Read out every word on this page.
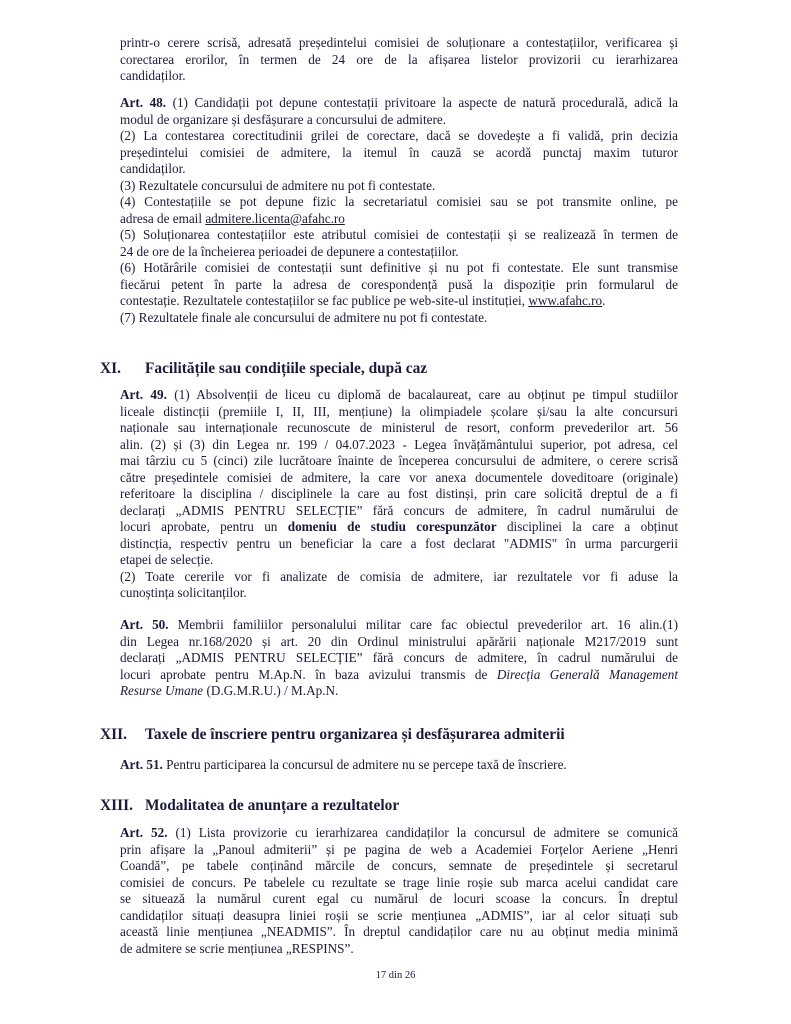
printr-o cerere scrisă, adresată președintelui comisiei de soluționare a contestațiilor, verificarea și
corectarea erorilor, în termen de 24 ore de la afișarea listelor provizorii cu ierarhizarea
candidaților.

Art. 48. (1) Candidații pot depune contestații privitoare la aspecte de natură procedurală, adică la
modul de organizare și desfășurare a concursului de admitere.
(2) La contestarea corectitudinii grilei de corectare, dacă se dovedește a fi validă, prin decizia
președintelui comisiei de admitere, la itemul în cauză se acordă punctaj maxim tuturor
candidaților.
(3) Rezultatele concursului de admitere nu pot fi contestate.
(4) Contestațiile se pot depune fizic la secretariatul comisiei sau se pot transmite online, pe
adresa de email admitere.licenta@afahc.ro
(5) Soluționarea contestațiilor este atributul comisiei de contestații și se realizează în termen de
24 de ore de la încheierea perioadei de depunere a contestațiilor.
(6) Hotărârile comisiei de contestații sunt definitive și nu pot fi contestate. Ele sunt transmise
fiecărui petent în parte la adresa de corespondență pusă la dispoziție prin formularul de
contestație. Rezultatele contestațiilor se fac publice pe web-site-ul instituției, www.afahc.ro.
(7) Rezultatele finale ale concursului de admitere nu pot fi contestate.
XI. Facilitățile sau condițiile speciale, după caz
Art. 49. (1) Absolvenții de liceu cu diplomă de bacalaureat, care au obținut pe timpul studiilor
liceale distincții (premiile I, II, III, mențiune) la olimpiadele școlare și/sau la alte concursuri
naționale sau internaționale recunoscute de ministerul de resort, conform prevederilor art. 56
alin. (2) și (3) din Legea nr. 199 / 04.07.2023 - Legea învățământului superior, pot adresa, cel
mai târziu cu 5 (cinci) zile lucrătoare înainte de începerea concursului de admitere, o cerere scrisă
către președintele comisiei de admitere, la care vor anexa documentele doveditoare (originale)
referitoare la disciplina / disciplinele la care au fost distinși, prin care solicită dreptul de a fi
declarați „ADMIS PENTRU SELECȚIE” fără concurs de admitere, în cadrul numărului de
locuri aprobate, pentru un domeniu de studiu corespunzător disciplinei la care a obținut
distincția, respectiv pentru un beneficiar la care a fost declarat "ADMIS" în urma parcurgerii
etapei de selecție.
(2) Toate cererile vor fi analizate de comisia de admitere, iar rezultatele vor fi aduse la
cunoștința solicitanților.
Art. 50. Membrii familiilor personalului militar care fac obiectul prevederilor art. 16 alin.(1)
din Legea nr.168/2020 și art. 20 din Ordinul ministrului apărării naționale M217/2019 sunt
declarați „ADMIS PENTRU SELECȚIE” fără concurs de admitere, în cadrul numărului de
locuri aprobate pentru M.Ap.N. în baza avizului transmis de Direcția Generală Management
Resurse Umane (D.G.M.R.U.) / M.Ap.N.
XII. Taxele de înscriere pentru organizarea și desfășurarea admiterii
Art. 51. Pentru participarea la concursul de admitere nu se percepe taxă de înscriere.
XIII. Modalitatea de anunțare a rezultatelor
Art. 52. (1) Lista provizorie cu ierarhizarea candidaților la concursul de admitere se comunică
prin afișare la „Panoul admiterii” și pe pagina de web a Academiei Forțelor Aeriene „Henri
Coandă”, pe tabele conținând mărcile de concurs, semnate de președintele și secretarul
comisiei de concurs. Pe tabelele cu rezultate se trage linie roșie sub marca acelui candidat care
se situează la numărul curent egal cu numărul de locuri scoase la concurs. În dreptul
candidaților situați deasupra liniei roșii se scrie mențiunea „ADMIS”, iar al celor situați sub
această linie mențiunea „NEADMIS”. În dreptul candidaților care nu au obținut media minimă
de admitere se scrie mențiunea „RESPINS”.
17 din 26
